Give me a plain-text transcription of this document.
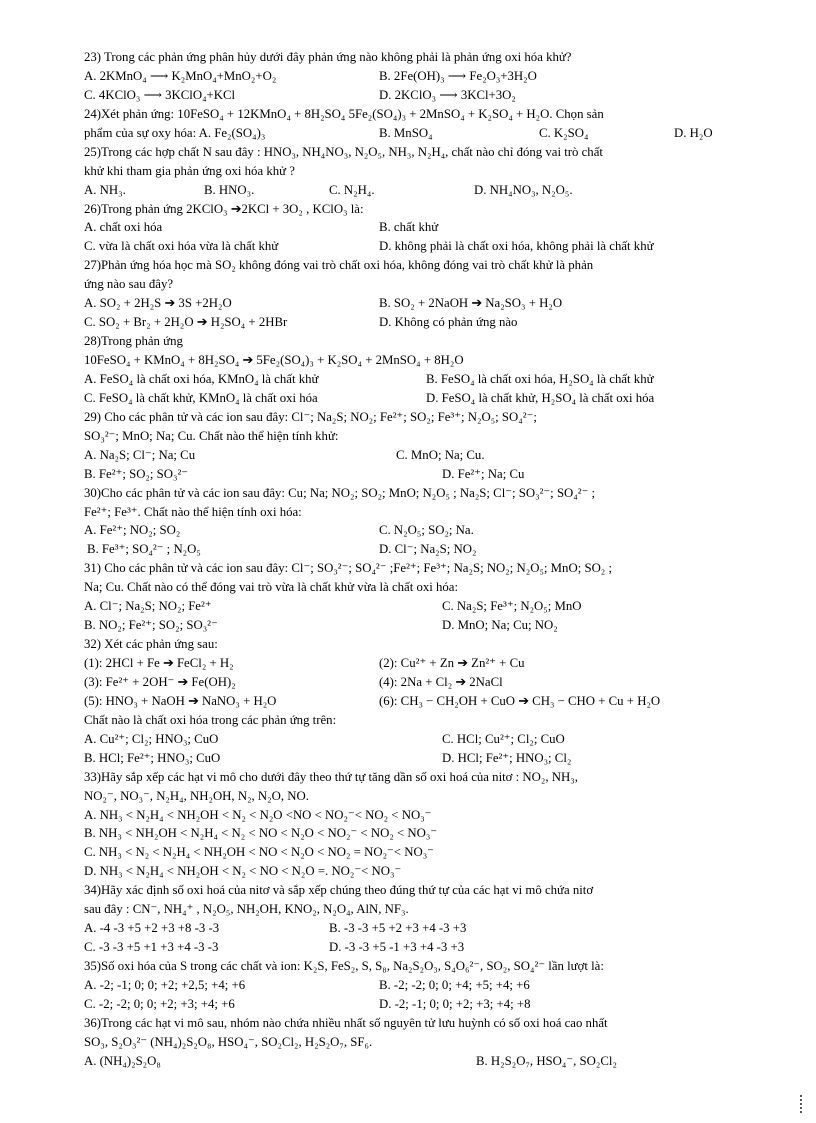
23) Trong các phản ứng phân hủy dưới đây phản ứng nào không phải là phản ứng oxi hóa khử?
A. 2KMnO₄ ⟶ K₂MnO₄+MnO₂+O₂	B. 2Fe(OH)₃ ⟶ Fe₂O₃+3H₂O
C. 4KClO₃ ⟶ 3KClO₄+KCl	D. 2KClO₃ ⟶ 3KCl+3O₂
24)Xét phản ứng: 10FeSO₄ + 12KMnO₄ + 8H₂SO₄ 5Fe₂(SO₄)₃ + 2MnSO₄ + K₂SO₄ + H₂O. Chọn sản
phẩm của sự oxy hóa: A. Fe₂(SO₄)₃	B. MnSO₄	C. K₂SO₄	D. H₂O
25)Trong các hợp chất N sau đây : HNO₃, NH₄NO₃, N₂O₅, NH₃, N₂H₄, chất nào chỉ đóng vai trò chất
khử khi tham gia phản ứng oxi hóa khử ?
A. NH₃.	B. HNO₃.	C. N₂H₄.	D. NH₄NO₃, N₂O₅.
26)Trong phản ứng 2KClO₃ ➔2KCl + 3O₂ , KClO₃ là:
A. chất oxi hóa	B. chất khử
C. vừa là chất oxi hóa vừa là chất khử	D. không phải là chất oxi hóa, không phải là chất khử
27)Phản ứng hóa học mà SO₂ không đóng vai trò chất oxi hóa, không đóng vai trò chất khử là phản
ứng nào sau đây?
A. SO₂ + 2H₂S ➔ 3S +2H₂O	B. SO₂ + 2NaOH ➔ Na₂SO₃ + H₂O
C. SO₂ + Br₂ + 2H₂O ➔ H₂SO₄ + 2HBr	D. Không có phản ứng nào
28)Trong phản ứng
10FeSO₄ + KMnO₄ + 8H₂SO₄ ➔ 5Fe₂(SO₄)₃ + K₂SO₄ + 2MnSO₄ + 8H₂O
A. FeSO₄ là chất oxi hóa, KMnO₄ là chất khử	B. FeSO₄ là chất oxi hóa, H₂SO₄ là chất khử
C. FeSO₄ là chất khử, KMnO₄ là chất oxi hóa	D. FeSO₄ là chất khử, H₂SO₄ là chất oxi hóa
29) Cho các phân tử và các ion sau đây: Cl⁻; Na₂S; NO₂; Fe²⁺; SO₂; Fe³⁺; N₂O₅; SO₄²⁻;
SO₃²⁻; MnO; Na; Cu. Chất nào thể hiện tính khử:
A. Na₂S; Cl⁻; Na; Cu	C. MnO; Na; Cu.
B. Fe²⁺; SO₂; SO₃²⁻	D. Fe²⁺; Na; Cu
30)Cho các phân tử và các ion sau đây: Cu; Na; NO₂; SO₂; MnO; N₂O₅ ; Na₂S; Cl⁻; SO₃²⁻; SO₄²⁻ ;
Fe²⁺; Fe³⁺. Chất nào thể hiện tính oxi hóa:
A. Fe²⁺; NO₂; SO₂	C. N₂O₅; SO₂; Na.
B. Fe³⁺; SO₄²⁻ ; N₂O₅	D. Cl⁻; Na₂S; NO₂
31) Cho các phân tử và các ion sau đây: Cl⁻; SO₃²⁻; SO₄²⁻ ;Fe²⁺; Fe³⁺; Na₂S; NO₂; N₂O₅; MnO; SO₂ ;
Na; Cu. Chất nào có thể đóng vai trò vừa là chất khử vừa là chất oxi hóa:
A. Cl⁻; Na₂S; NO₂; Fe²⁺	C. Na₂S; Fe³⁺; N₂O₅; MnO
B. NO₂; Fe²⁺; SO₂; SO₃²⁻	D. MnO; Na; Cu; NO₂
32) Xét các phản ứng sau:
(1): 2HCl + Fe ➔ FeCl₂ + H₂	(2): Cu²⁺ + Zn ➔ Zn²⁺ + Cu
(3): Fe²⁺ + 2OH⁻ ➔ Fe(OH)₂	(4): 2Na + Cl₂ ➔ 2NaCl
(5): HNO₃ + NaOH ➔ NaNO₃ + H₂O	(6): CH₃ − CH₂OH + CuO ➔ CH₃ − CHO + Cu + H₂O
Chất nào là chất oxi hóa trong các phản ứng trên:
A. Cu²⁺; Cl₂; HNO₃; CuO	C. HCl; Cu²⁺; Cl₂; CuO
B. HCl; Fe²⁺; HNO₃; CuO	D. HCl; Fe²⁺; HNO₃; Cl₂
33)Hãy sắp xếp các hạt vi mô cho dưới đây theo thứ tự tăng dần số oxi hoá của nitơ : NO₂, NH₃,
NO₂⁻, NO₃⁻, N₂H₄, NH₂OH, N₂, N₂O, NO.
A. NH₃ < N₂H₄ < NH₂OH < N₂ < N₂O <NO < NO₂⁻< NO₂ < NO₃⁻
B. NH₃ < NH₂OH < N₂H₄ < N₂ < NO < N₂O < NO₂⁻ < NO₂ < NO₃⁻
C. NH₃ < N₂ < N₂H₄ < NH₂OH < NO < N₂O < NO₂ = NO₂⁻< NO₃⁻
D. NH₃ < N₂H₄ < NH₂OH < N₂ < NO < N₂O =. NO₂⁻< NO₃⁻
34)Hãy xác định số oxi hoá của nitơ và sắp xếp chúng theo đúng thứ tự của các hạt vi mô chứa nitơ
sau đây : CN⁻, NH₄⁺ , N₂O₅, NH₂OH, KNO₂, N₂O₄, AlN, NF₃.
A. -4 -3 +5 +2 +3 +8 -3 -3	B. -3 -3 +5 +2 +3 +4 -3 +3
C. -3 -3 +5 +1 +3 +4 -3 -3	D. -3 -3 +5 -1 +3 +4 -3 +3
35)Số oxi hóa của S trong các chất và ion: K₂S, FeS₂, S, S₈, Na₂S₂O₃, S₄O₆²⁻, SO₂, SO₄²⁻ lần lượt là:
A. -2; -1; 0; 0; +2; +2,5; +4; +6	B. -2; -2; 0; 0; +4; +5; +4; +6
C. -2; -2; 0; 0; +2; +3; +4; +6	D. -2; -1; 0; 0; +2; +3; +4; +8
36)Trong các hạt vi mô sau, nhóm nào chứa nhiều nhất số nguyên tử lưu huỳnh có số oxi hoá cao nhất
SO₃, S₂O₃²⁻ (NH₄)₂S₂O₈, HSO₄⁻, SO₂Cl₂, H₂S₂O₇, SF₆.
A. (NH₄)₂S₂O₈	B. H₂S₂O₇, HSO₄⁻, SO₂Cl₂
